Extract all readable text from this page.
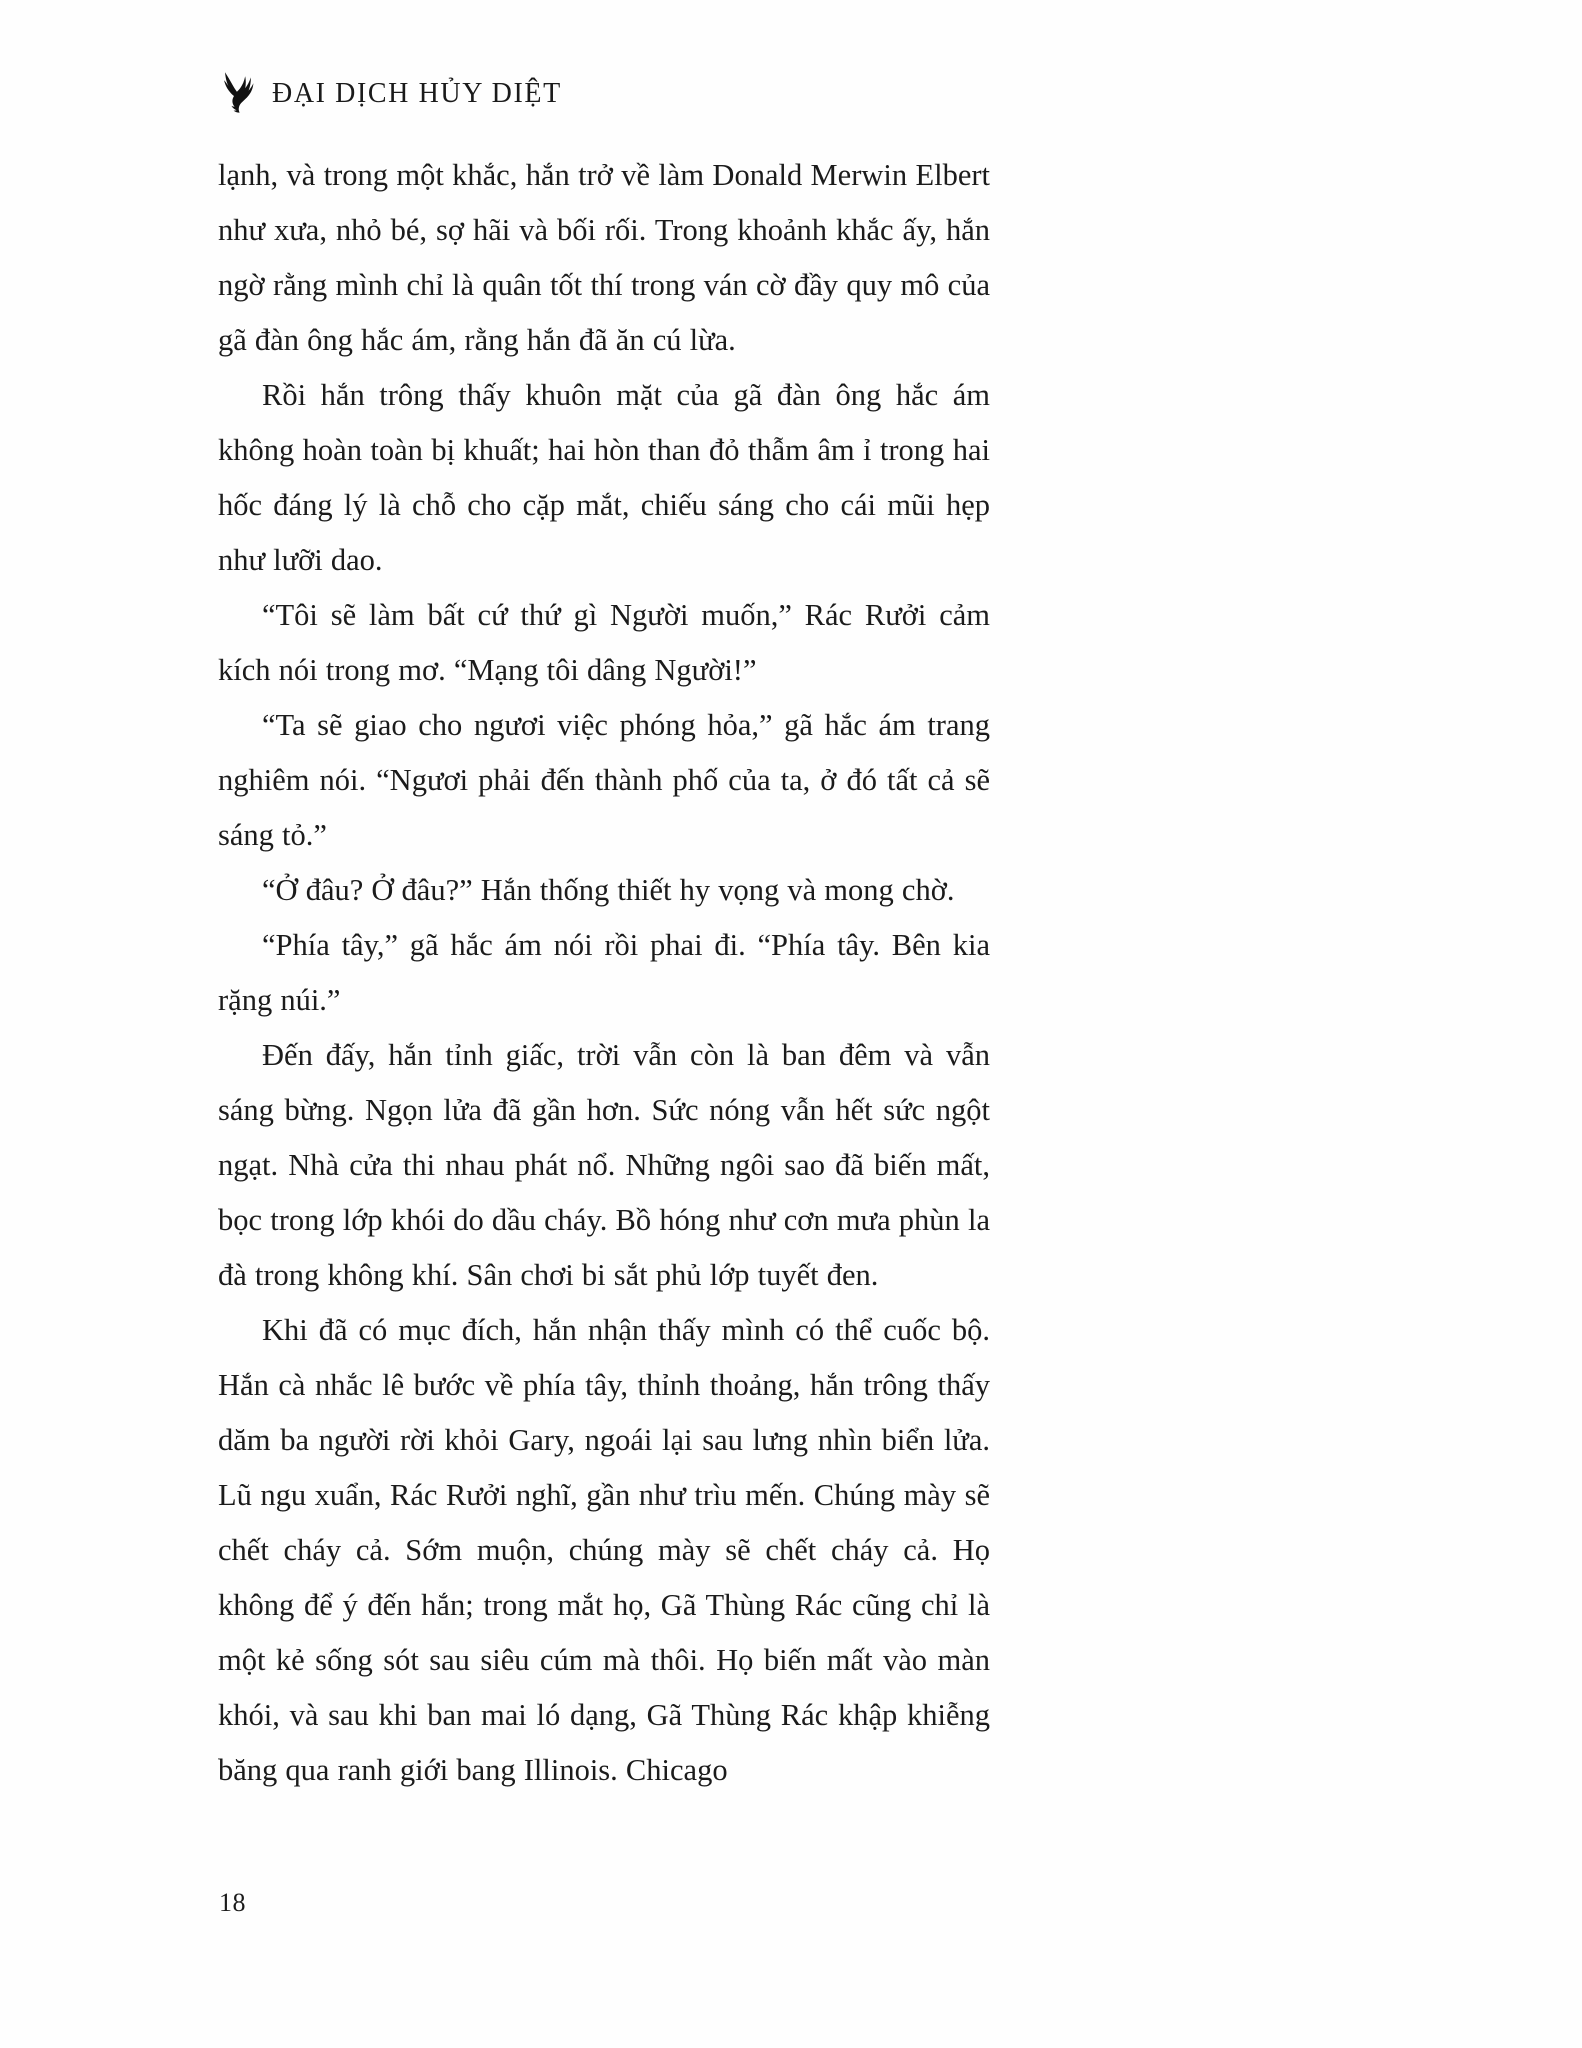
ĐẠI DỊCH HỦY DIỆT

lạnh, và trong một khắc, hắn trở về làm Donald Merwin Elbert như xưa, nhỏ bé, sợ hãi và bối rối. Trong khoảnh khắc ấy, hắn ngờ rằng mình chỉ là quân tốt thí trong ván cờ đầy quy mô của gã đàn ông hắc ám, rằng hắn đã ăn cú lừa.

Rồi hắn trông thấy khuôn mặt của gã đàn ông hắc ám không hoàn toàn bị khuất; hai hòn than đỏ thẫm âm ỉ trong hai hốc đáng lý là chỗ cho cặp mắt, chiếu sáng cho cái mũi hẹp như lưỡi dao.

“Tôi sẽ làm bất cứ thứ gì Người muốn,” Rác Rưởi cảm kích nói trong mơ. “Mạng tôi dâng Người!”

“Ta sẽ giao cho ngươi việc phóng hỏa,” gã hắc ám trang nghiêm nói. “Ngươi phải đến thành phố của ta, ở đó tất cả sẽ sáng tỏ.”

“Ở đâu? Ở đâu?” Hắn thống thiết hy vọng và mong chờ.

“Phía tây,” gã hắc ám nói rồi phai đi. “Phía tây. Bên kia rặng núi.”

Đến đấy, hắn tỉnh giấc, trời vẫn còn là ban đêm và vẫn sáng bừng. Ngọn lửa đã gần hơn. Sức nóng vẫn hết sức ngột ngạt. Nhà cửa thi nhau phát nổ. Những ngôi sao đã biến mất, bọc trong lớp khói do dầu cháy. Bồ hóng như cơn mưa phùn la đà trong không khí. Sân chơi bi sắt phủ lớp tuyết đen.

Khi đã có mục đích, hắn nhận thấy mình có thể cuốc bộ. Hắn cà nhắc lê bước về phía tây, thỉnh thoảng, hắn trông thấy dăm ba người rời khỏi Gary, ngoái lại sau lưng nhìn biển lửa. Lũ ngu xuẩn, Rác Rưởi nghĩ, gần như trìu mến. Chúng mày sẽ chết cháy cả. Sớm muộn, chúng mày sẽ chết cháy cả. Họ không để ý đến hắn; trong mắt họ, Gã Thùng Rác cũng chỉ là một kẻ sống sót sau siêu cúm mà thôi. Họ biến mất vào màn khói, và sau khi ban mai ló dạng, Gã Thùng Rác khập khiễng băng qua ranh giới bang Illinois. Chicago

18
